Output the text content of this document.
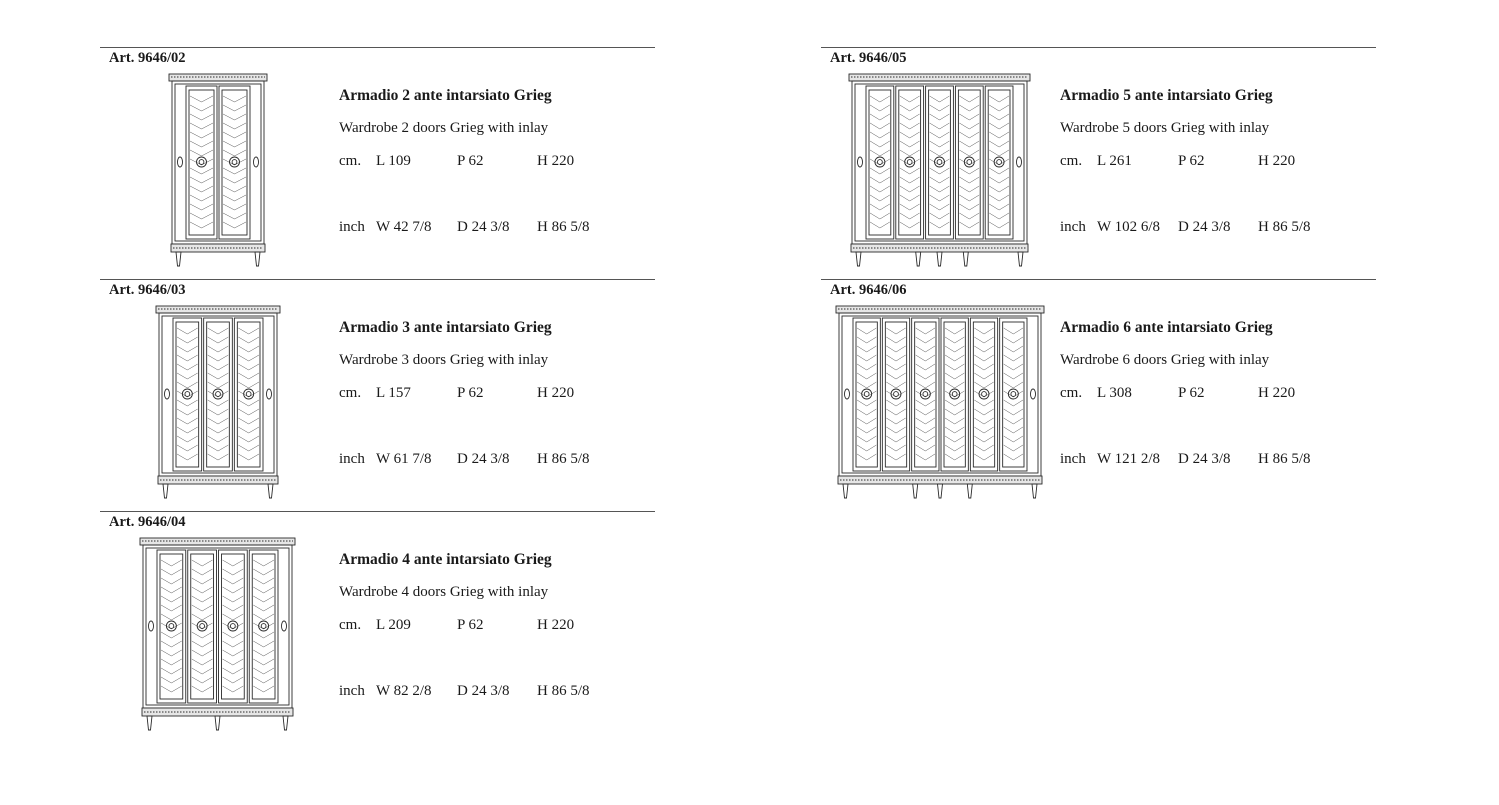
Art. 9646/02
Armadio 2 ante intarsiato Grieg
Wardrobe 2 doors Grieg with inlay
cm. L 109	P 62	H 220
inch W 42 7/8 D 24 3/8 H 86 5/8
Art. 9646/03
Armadio 3 ante intarsiato Grieg
Wardrobe 3 doors Grieg with inlay
cm. L 157	P 62	H 220
inch W 61 7/8 D 24 3/8 H 86 5/8
Art. 9646/04
Armadio 4 ante intarsiato Grieg
Wardrobe 4 doors Grieg with inlay
cm. L 209	P 62	H 220
inch W 82 2/8 D 24 3/8 H 86 5/8
Art. 9646/05
Armadio 5 ante intarsiato Grieg
Wardrobe 5 doors Grieg with inlay
cm. L 261	P 62	H 220
inch W 102 6/8 D 24 3/8 H 86 5/8
Art. 9646/06
Armadio 6 ante intarsiato Grieg
Wardrobe 6 doors Grieg with inlay
cm. L 308	P 62	H 220
inch W 121 2/8 D 24 3/8 H 86 5/8
